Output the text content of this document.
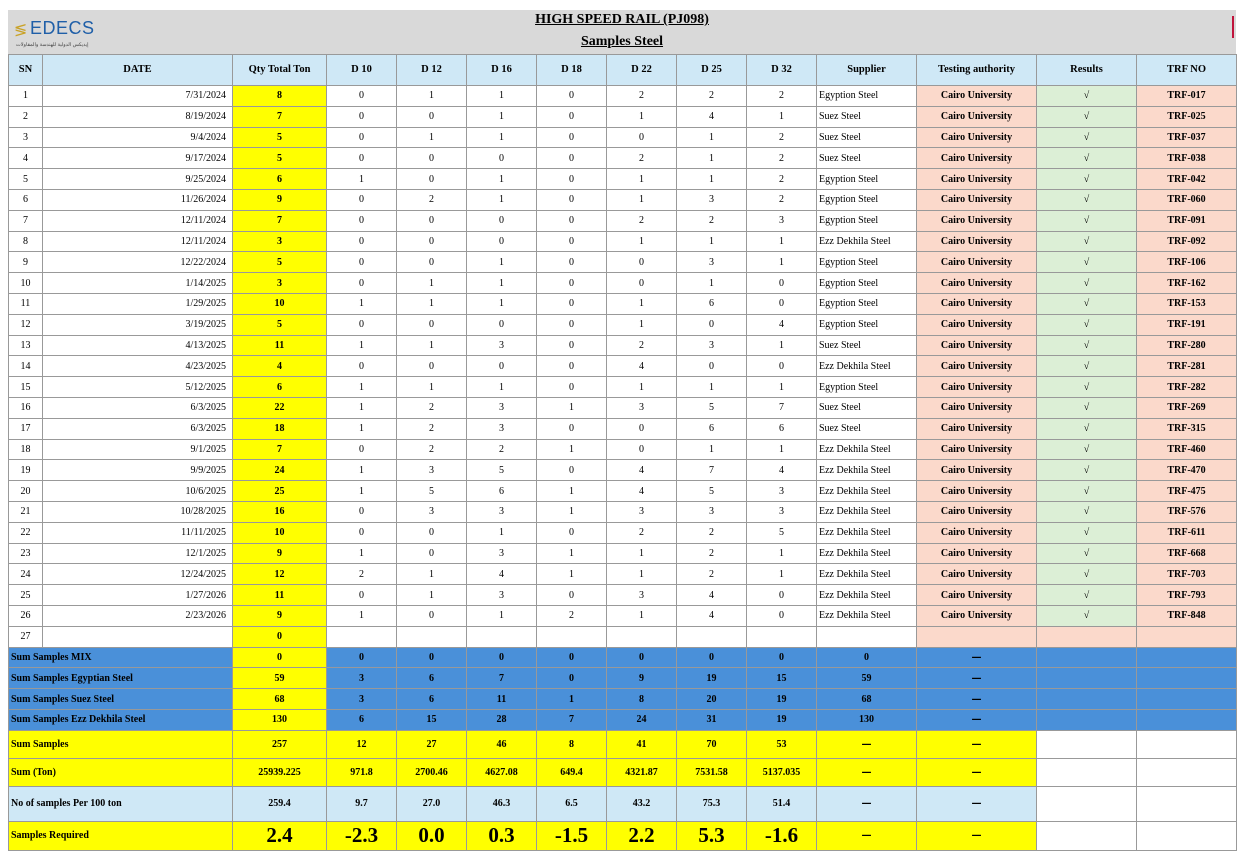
≶ EDECS
إيديكس الدولية للهندسة والمقاولات
HIGH SPEED RAIL (PJ098)
Samples Steel
SN	DATE	Qty Total Ton	D 10	D 12	D 16	D 18	D 22	D 25	D 32	Supplier	Testing authority	Results	TRF NO
1	7/31/2024	8	0	1	1	0	2	2	2	Egyption Steel	Cairo University	√	TRF-017
2	8/19/2024	7	0	0	1	0	1	4	1	Suez Steel	Cairo University	√	TRF-025
3	9/4/2024	5	0	1	1	0	0	1	2	Suez Steel	Cairo University	√	TRF-037
4	9/17/2024	5	0	0	0	0	2	1	2	Suez Steel	Cairo University	√	TRF-038
5	9/25/2024	6	1	0	1	0	1	1	2	Egyption Steel	Cairo University	√	TRF-042
6	11/26/2024	9	0	2	1	0	1	3	2	Egyption Steel	Cairo University	√	TRF-060
7	12/11/2024	7	0	0	0	0	2	2	3	Egyption Steel	Cairo University	√	TRF-091
8	12/11/2024	3	0	0	0	0	1	1	1	Ezz Dekhila Steel	Cairo University	√	TRF-092
9	12/22/2024	5	0	0	1	0	0	3	1	Egyption Steel	Cairo University	√	TRF-106
10	1/14/2025	3	0	1	1	0	0	1	0	Egyption Steel	Cairo University	√	TRF-162
11	1/29/2025	10	1	1	1	0	1	6	0	Egyption Steel	Cairo University	√	TRF-153
12	3/19/2025	5	0	0	0	0	1	0	4	Egyption Steel	Cairo University	√	TRF-191
13	4/13/2025	11	1	1	3	0	2	3	1	Suez Steel	Cairo University	√	TRF-280
14	4/23/2025	4	0	0	0	0	4	0	0	Ezz Dekhila Steel	Cairo University	√	TRF-281
15	5/12/2025	6	1	1	1	0	1	1	1	Egyption Steel	Cairo University	√	TRF-282
16	6/3/2025	22	1	2	3	1	3	5	7	Suez Steel	Cairo University	√	TRF-269
17	6/3/2025	18	1	2	3	0	0	6	6	Suez Steel	Cairo University	√	TRF-315
18	9/1/2025	7	0	2	2	1	0	1	1	Ezz Dekhila Steel	Cairo University	√	TRF-460
19	9/9/2025	24	1	3	5	0	4	7	4	Ezz Dekhila Steel	Cairo University	√	TRF-470
20	10/6/2025	25	1	5	6	1	4	5	3	Ezz Dekhila Steel	Cairo University	√	TRF-475
21	10/28/2025	16	0	3	3	1	3	3	3	Ezz Dekhila Steel	Cairo University	√	TRF-576
22	11/11/2025	10	0	0	1	0	2	2	5	Ezz Dekhila Steel	Cairo University	√	TRF-611
23	12/1/2025	9	1	0	3	1	1	2	1	Ezz Dekhila Steel	Cairo University	√	TRF-668
24	12/24/2025	12	2	1	4	1	1	2	1	Ezz Dekhila Steel	Cairo University	√	TRF-703
25	1/27/2026	11	0	1	3	0	3	4	0	Ezz Dekhila Steel	Cairo University	√	TRF-793
26	2/23/2026	9	1	0	1	2	1	4	0	Ezz Dekhila Steel	Cairo University	√	TRF-848
27		0											
Sum Samples MIX		0	0	0	0	0	0	0	0	0	—		
Sum Samples Egyptian Steel		59	3	6	7	0	9	19	15	59	—		
Sum Samples Suez Steel		68	3	6	11	1	8	20	19	68	—		
Sum Samples Ezz Dekhila Steel		130	6	15	28	7	24	31	19	130	—		
Sum Samples		257	12	27	46	8	41	70	53	—	—		
Sum (Ton)		25939.225	971.8	2700.46	4627.08	649.4	4321.87	7531.58	5137.035	—	—		
No of samples Per 100 ton		259.4	9.7	27.0	46.3	6.5	43.2	75.3	51.4	—	—		
Samples Required		2.4	-2.3	0.0	0.3	-1.5	2.2	5.3	-1.6	—	—		
